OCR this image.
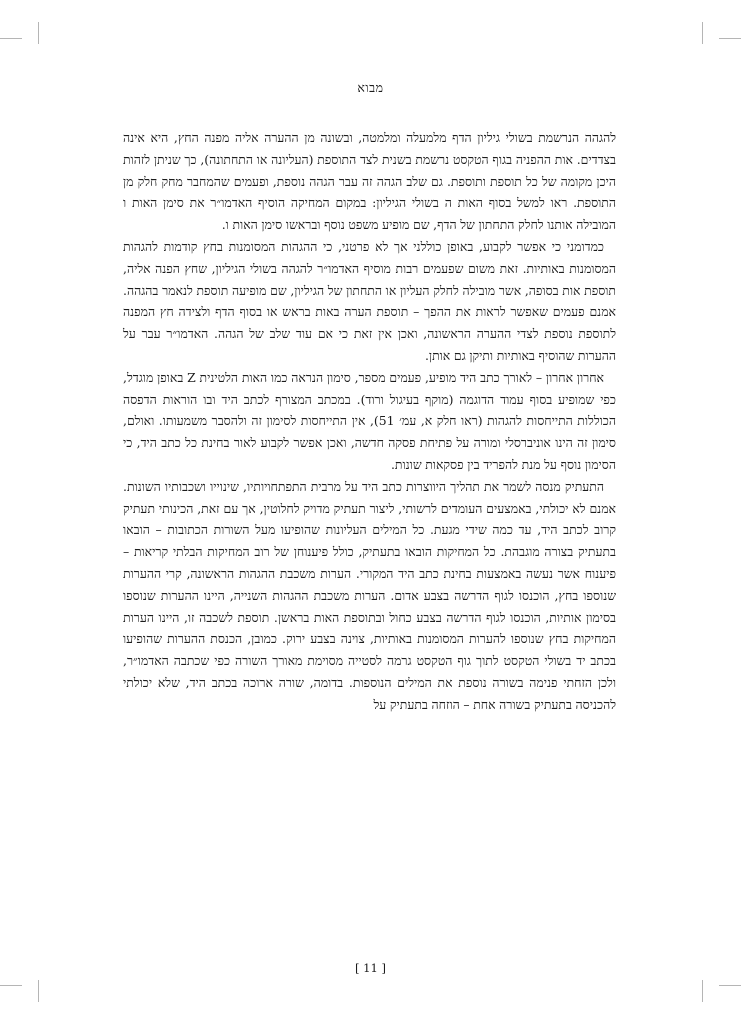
מבוא

להגהה הנרשמת בשולי גיליון הדף מלמעלה ומלמטה, ובשונה מן ההערה אליה מפנה החץ, היא אינה בצדדים. אות ההפניה בגוף הטקסט נרשמת בשנית לצד התוספת (העליונה או התחתונה), כך שניתן לזהות היכן מקומה של כל תוספת ותוספת. גם שלב הגהה זה עבר הגהה נוספת, ופעמים שהמחבר מחק חלק מן התוספת. ראו למשל בסוף האות ה בשולי הגיליון: במקום המחיקה הוסיף האדמו״ר את סימן האות ו המובילה אותנו לחלק התחתון של הדף, שם מופיע משפט נוסף ובראשו סימן האות ו.

כמדומני כי אפשר לקבוע, באופן כוללני אך לא פרטני, כי ההגהות המסומנות בחץ קודמות להגהות המסומנות באותיות. זאת משום שפעמים רבות מוסיף האדמו״ר להגהה בשולי הגיליון, שחץ הפנה אליה, תוספת אות בסופה, אשר מובילה לחלק העליון או התחתון של הגיליון, שם מופיעה תוספת לנאמר בהגהה. אמנם פעמים שאפשר לראות את ההפך – תוספת הערה באות בראש או בסוף הדף ולצידה חץ המפנה לתוספת נוספת לצדי ההערה הראשונה, ואכן אין זאת כי אם עוד שלב של הגהה. האדמו״ר עבר על ההערות שהוסיף באותיות ותיקן גם אותן.

אחרון אחרון – לאורך כתב היד מופיע, פעמים מספר, סימון הנראה כמו האות הלטינית Z באופן מוגדל, כפי שמופיע בסוף עמוד הדוגמה (מוקף בעיגול ורוד). במכתב המצורף לכתב היד ובו הוראות הדפסה הכוללות התייחסות להגהות (ראו חלק א, עמ׳ 51), אין התייחסות לסימון זה ולהסבר משמעותו. ואולם, סימון זה הינו אוניברסלי ומורה על פתיחת פסקה חדשה, ואכן אפשר לקבוע לאור בחינת כל כתב היד, כי הסימון נוסף על מנת להפריד בין פסקאות שונות.

התעתיק מנסה לשמר את תהליך היווצרות כתב היד על מרבית התפתחויותיו, שינוייו ושכבותיו השונות. אמנם לא יכולתי, באמצעים העומדים לרשותי, ליצור תעתיק מדויק לחלוטין, אך עם זאת, הכינותי תעתיק קרוב לכתב היד, עד כמה שידי מגעת. כל המילים העליונות שהופיעו מעל השורות הכתובות – הובאו בתעתיק בצורה מוגבהת. כל המחיקות הובאו בתעתיק, כולל פיענוחן של רוב המחיקות הבלתי קריאות – פיענוח אשר נעשה באמצעות בחינת כתב היד המקורי. הערות משכבת ההגהות הראשונה, קרי ההערות שנוספו בחץ, הוכנסו לגוף הדרשה בצבע אדום. הערות משכבת ההגהות השנייה, היינו ההערות שנוספו בסימון אותיות, הוכנסו לגוף הדרשה בצבע כחול ובתוספת האות בראשן. תוספת לשכבה זו, היינו הערות המחיקות בחץ שנוספו להערות המסומנות באותיות, צוינה בצבע ירוק. כמובן, הכנסת ההערות שהופיעו בכתב יד בשולי הטקסט לתוך גוף הטקסט גרמה לסטייה מסוימת מאורך השורה כפי שכתבה האדמו״ר, ולכן הזחתי פנימה בשורה נוספת את המילים הנוספות. בדומה, שורה ארוכה בכתב היד, שלא יכולתי להכניסה בתעתיק בשורה אחת – הוזחה בתעתיק על

[ 11 ]
